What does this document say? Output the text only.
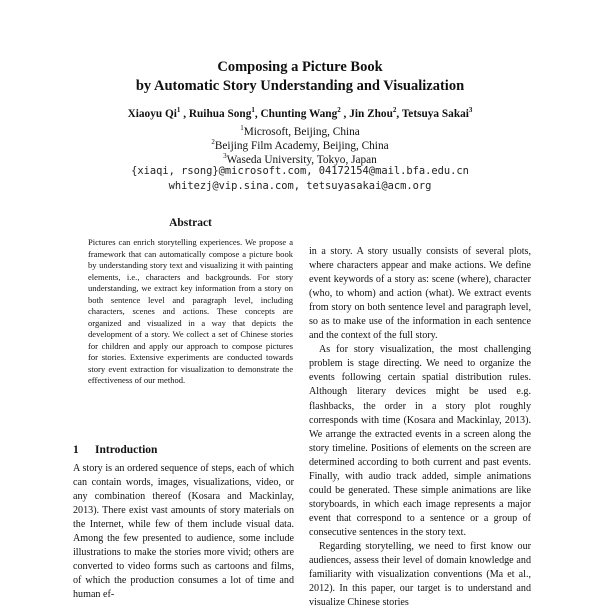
Composing a Picture Book
by Automatic Story Understanding and Visualization
Xiaoyu Qi$^1$ , Ruihua Song$^1$, Chunting Wang$^2$ , Jin Zhou$^2$, Tetsuya Sakai$^3$
$^1$Microsoft, Beijing, China
$^2$Beijing Film Academy, Beijing, China
$^3$Waseda University, Tokyo, Japan
{xiaqi, rsong}@microsoft.com, 04172154@mail.bfa.edu.cn
whitezj@vip.sina.com, tetsuyasakai@acm.org
Abstract

Pictures can enrich storytelling experiences. We propose a framework that can automatically compose a picture book by understanding story text and visualizing it with painting elements, i.e., characters and backgrounds. For story understanding, we extract key information from a story on both sentence level and paragraph level, including characters, scenes and actions. These concepts are organized and visualized in a way that depicts the development of a story. We collect a set of Chinese stories for children and apply our approach to compose pictures for stories. Extensive experiments are conducted towards story event extraction for visualization to demonstrate the effectiveness of our method.

1 Introduction

A story is an ordered sequence of steps, each of which can contain words, images, visualizations, video, or any combination thereof (Kosara and Mackinlay, 2013). There exist vast amounts of story materials on the Internet, while few of them include visual data. Among the few presented to audience, some include illustrations to make the stories more vivid; others are converted to video forms such as cartoons and films, of which the production consumes a lot of time and human ef-

in a story. A story usually consists of several plots, where characters appear and make actions. We define event keywords of a story as: scene (where), character (who, to whom) and action (what). We extract events from story on both sentence level and paragraph level, so as to make use of the information in each sentence and the context of the full story.

As for story visualization, the most challenging problem is stage directing. We need to organize the events following certain spatial distribution rules. Although literary devices might be used e.g. flashbacks, the order in a story plot roughly corresponds with time (Kosara and Mackinlay, 2013). We arrange the extracted events in a screen along the story timeline. Positions of elements on the screen are determined according to both current and past events. Finally, with audio track added, simple animations could be generated. These simple animations are like storyboards, in which each image represents a major event that correspond to a sentence or a group of consecutive sentences in the story text.

Regarding storytelling, we need to first know our audiences, assess their level of domain knowledge and familiarity with visualization conventions (Ma et al., 2012). In this paper, our target is to understand and visualize Chinese stories
